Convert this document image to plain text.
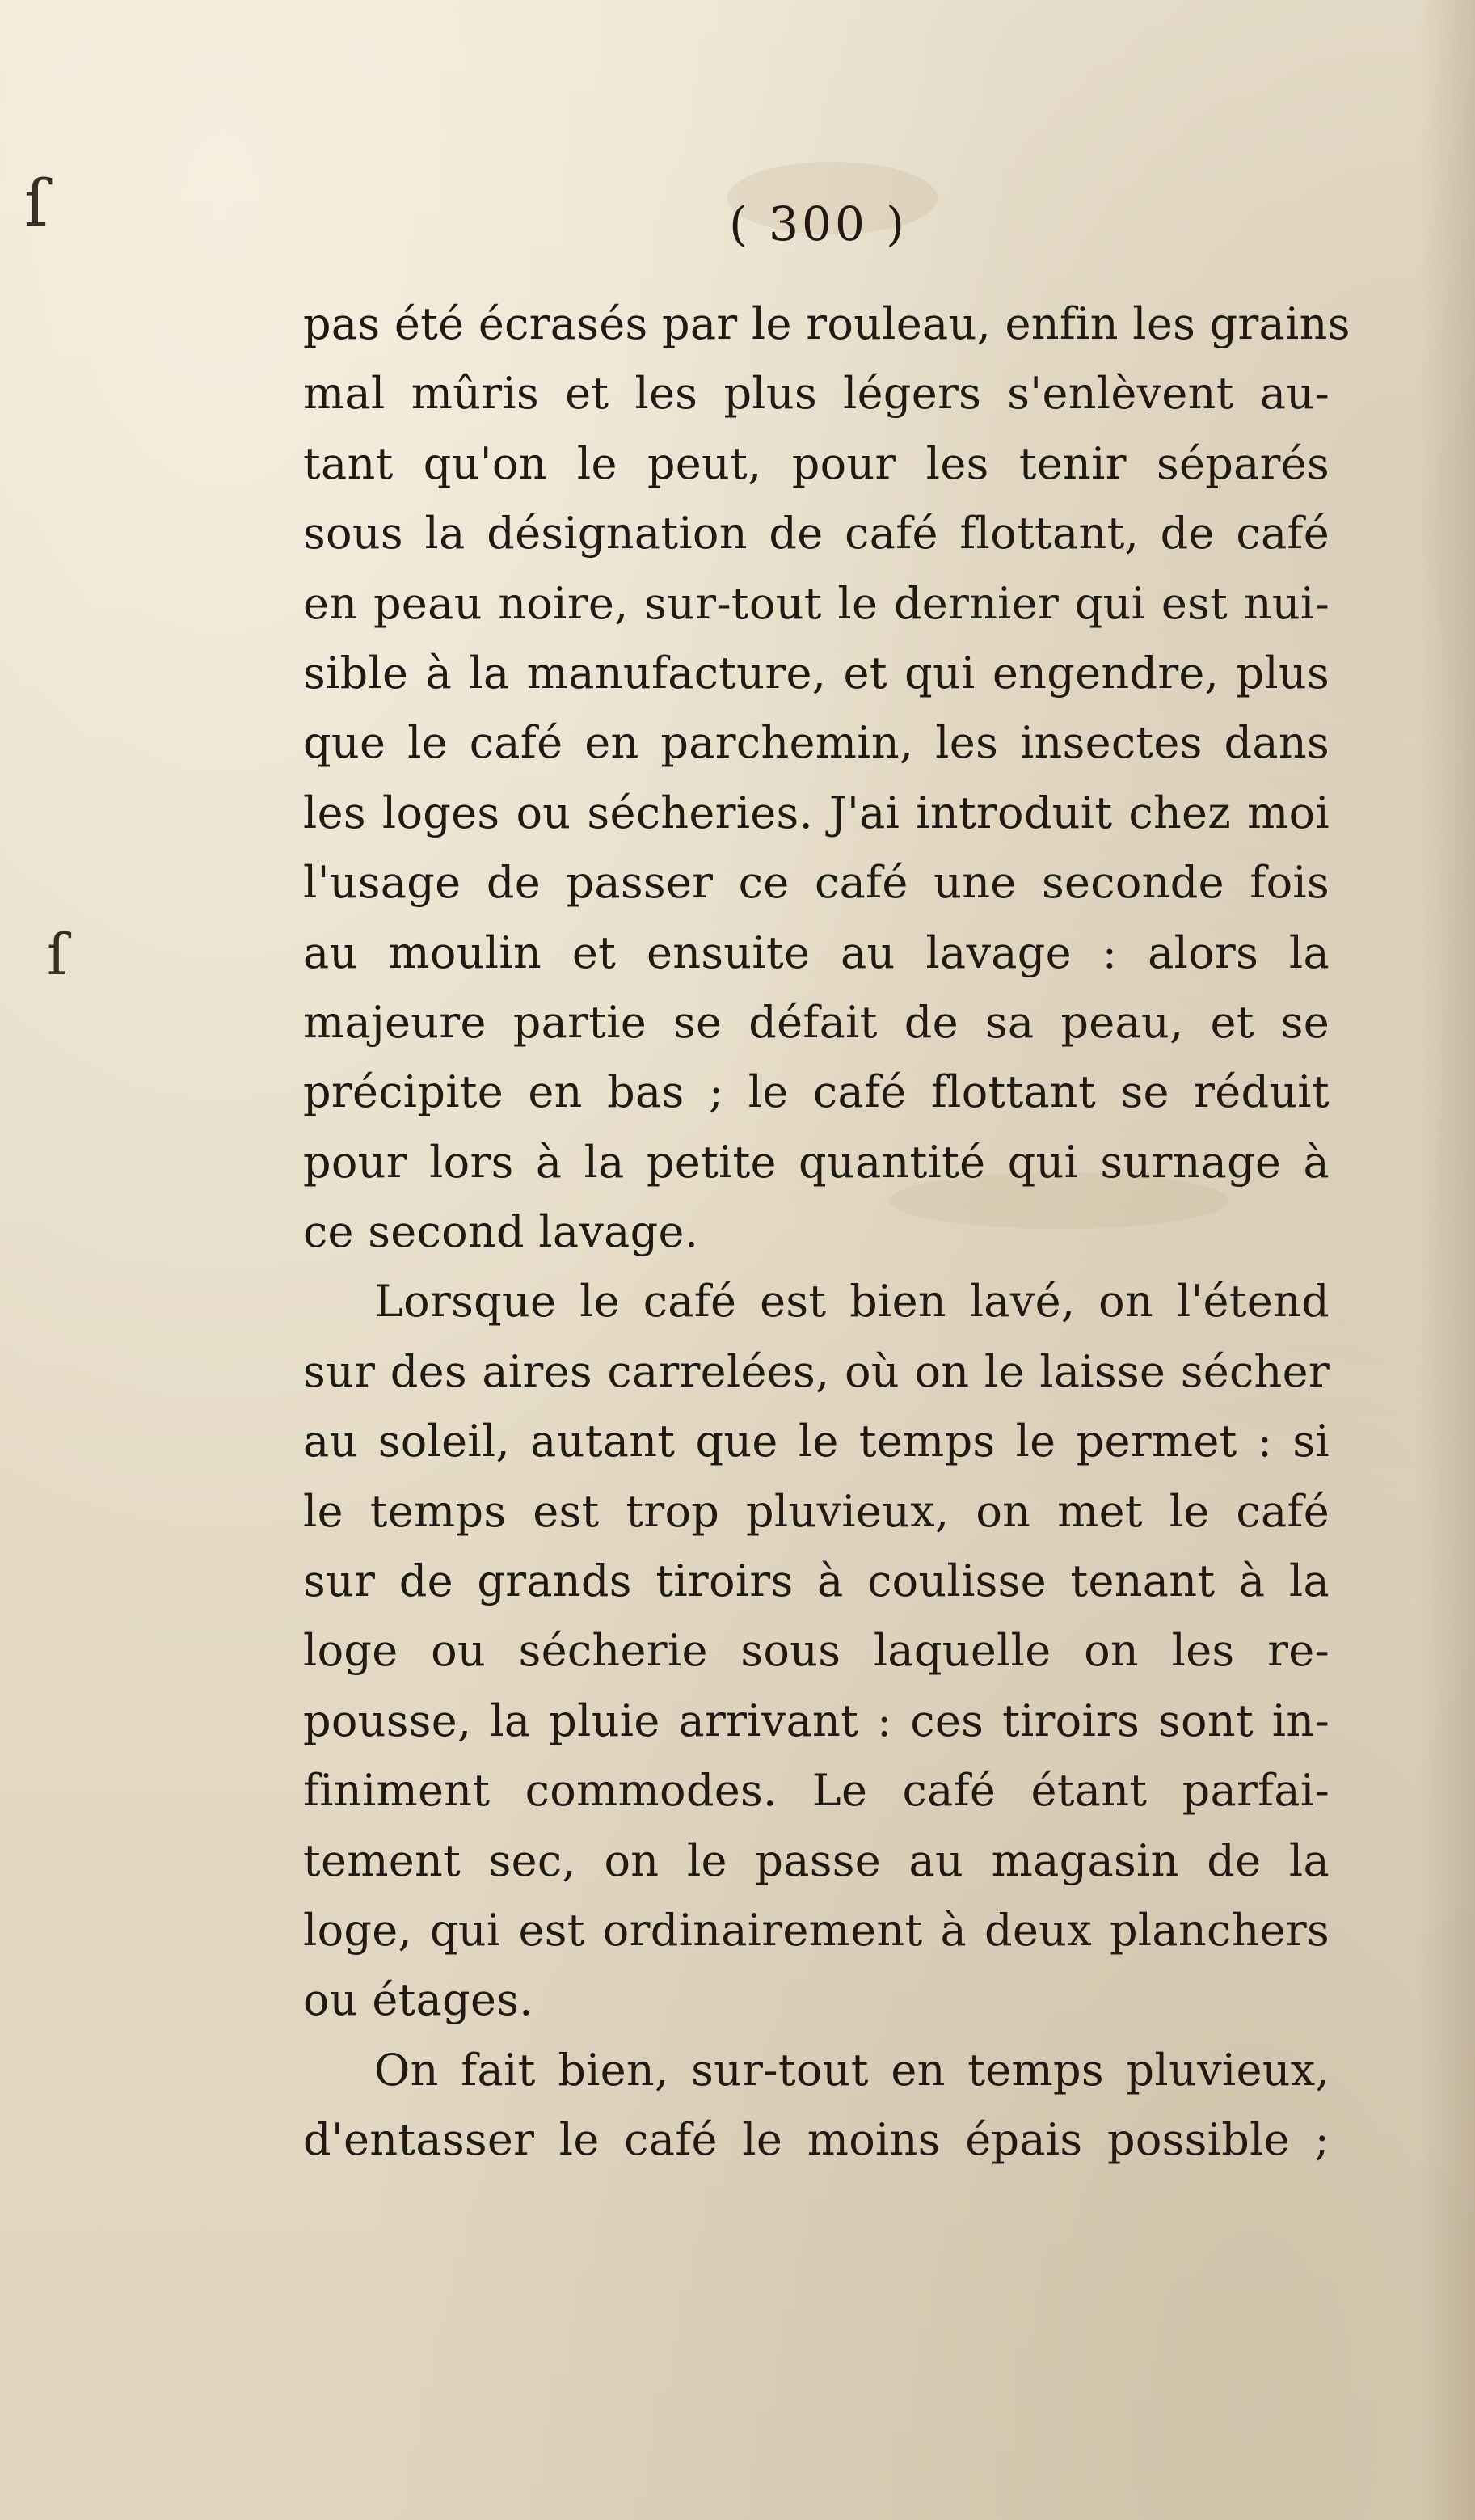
ſ
ſ
( 300 )
pas été écrasés par le rouleau, enfin les grains
mal mûris et les plus légers s'enlèvent au-
tant qu'on le peut, pour les tenir séparés
sous la désignation de café flottant, de café
en peau noire, sur-tout le dernier qui est nui-
sible à la manufacture, et qui engendre, plus
que le café en parchemin, les insectes dans
les loges ou sécheries. J'ai introduit chez moi
l'usage de passer ce café une seconde fois
au moulin et ensuite au lavage : alors la
majeure partie se défait de sa peau, et se
précipite en bas ; le café flottant se réduit
pour lors à la petite quantité qui surnage à
ce second lavage.
Lorsque le café est bien lavé, on l'étend
sur des aires carrelées, où on le laisse sécher
au soleil, autant que le temps le permet : si
le temps est trop pluvieux, on met le café
sur de grands tiroirs à coulisse tenant à la
loge ou sécherie sous laquelle on les re-
pousse, la pluie arrivant : ces tiroirs sont in-
finiment commodes. Le café étant parfai-
tement sec, on le passe au magasin de la
loge, qui est ordinairement à deux planchers
ou étages.
On fait bien, sur-tout en temps pluvieux,
d'entasser le café le moins épais possible ;
